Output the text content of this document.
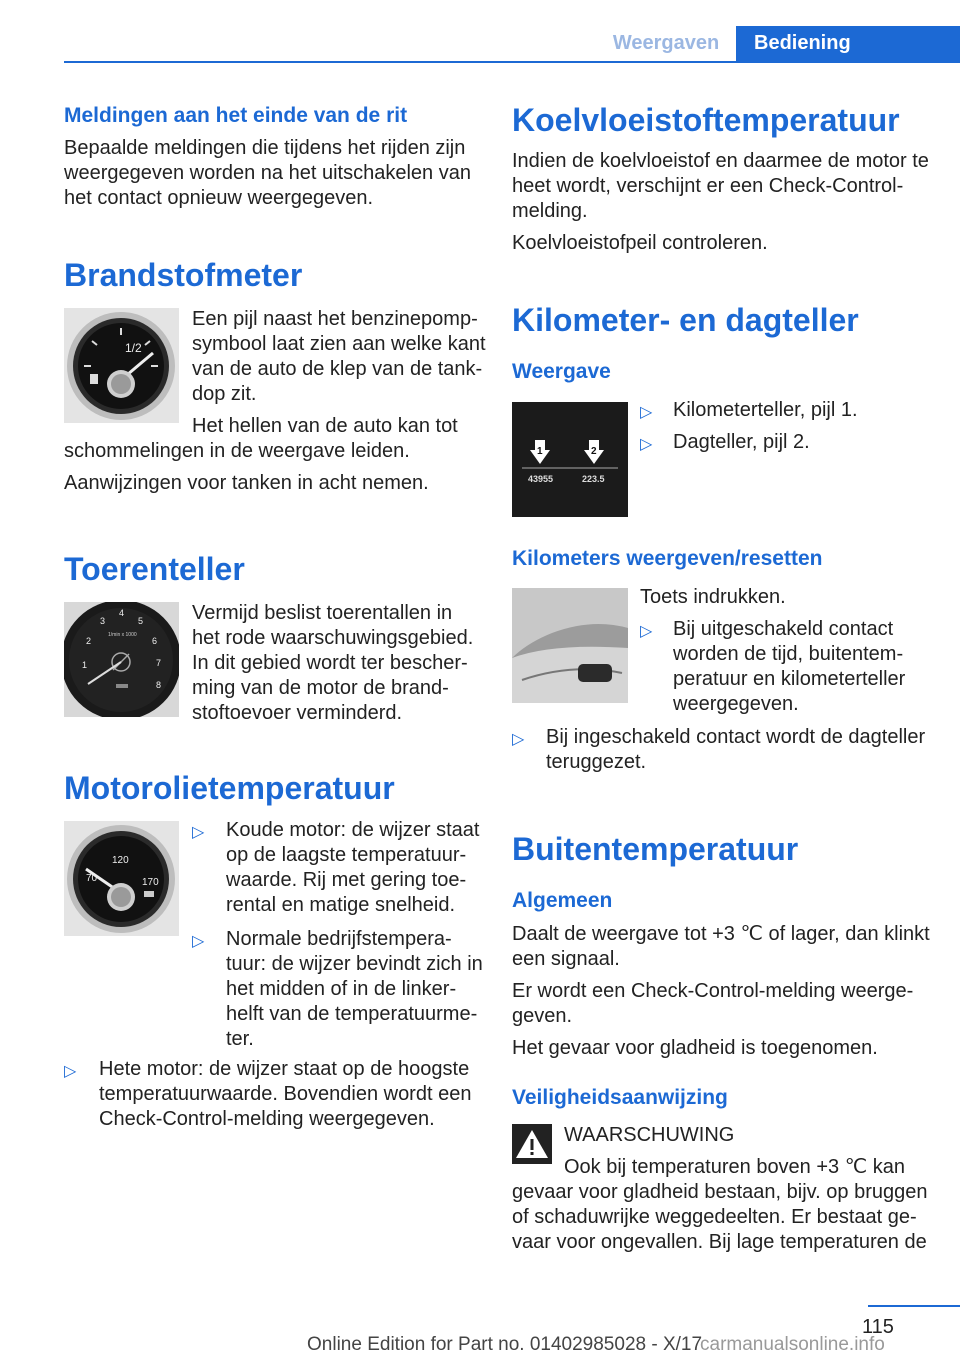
Weergaven	Bediening
Meldingen aan het einde van de rit
Bepaalde meldingen die tijdens het rijden zijn
weergegeven worden na het uitschakelen van
het contact opnieuw weergegeven.
Brandstofmeter
1/2
Een pijl naast het benzinepomp-
symbool laat zien aan welke kant
van de auto de klep van de tank-
dop zit.
Het hellen van de auto kan tot
schommelingen in de weergave leiden.
Aanwijzingen voor tanken in acht nemen.
Toerenteller
1
2
3
4
5
6
7
8
1/min x 1000
Vermijd beslist toerentallen in
het rode waarschuwingsgebied.
In dit gebied wordt ter bescher-
ming van de motor de brand-
stoftoevoer verminderd.
Motorolietemperatuur
70
120
170
▷ Koude motor: de wijzer staat
op de laagste temperatuur-
waarde. Rij met gering toe-
rental en matige snelheid.
▷ Normale bedrijfstempera-
tuur: de wijzer bevindt zich in
het midden of in de linker-
helft van de temperatuurme-
ter.
▷ Hete motor: de wijzer staat op de hoogste
temperatuurwaarde. Bovendien wordt een
Check-Control-melding weergegeven.
Koelvloeistoftemperatuur
Indien de koelvloeistof en daarmee de motor te
heet wordt, verschijnt er een Check-Control-
melding.
Koelvloeistofpeil controleren.
Kilometer- en dagteller
Weergave
1	2
43955	223.5
▷ Kilometerteller, pijl 1.
▷ Dagteller, pijl 2.
Kilometers weergeven/resetten
Toets indrukken.
▷ Bij uitgeschakeld contact
worden de tijd, buitentem-
peratuur en kilometerteller
weergegeven.
▷ Bij ingeschakeld contact wordt de dagteller
teruggezet.
Buitentemperatuur
Algemeen
Daalt de weergave tot +3 ℃ of lager, dan klinkt
een signaal.
Er wordt een Check-Control-melding weerge-
geven.
Het gevaar voor gladheid is toegenomen.
Veiligheidsaanwijzing
WAARSCHUWING
Ook bij temperaturen boven +3 ℃ kan
gevaar voor gladheid bestaan, bijv. op bruggen
of schaduwrijke weggedeelten. Er bestaat ge-
vaar voor ongevallen. Bij lage temperaturen de
115
Online Edition for Part no. 01402985028 - X/17
carmanualsonline.info
